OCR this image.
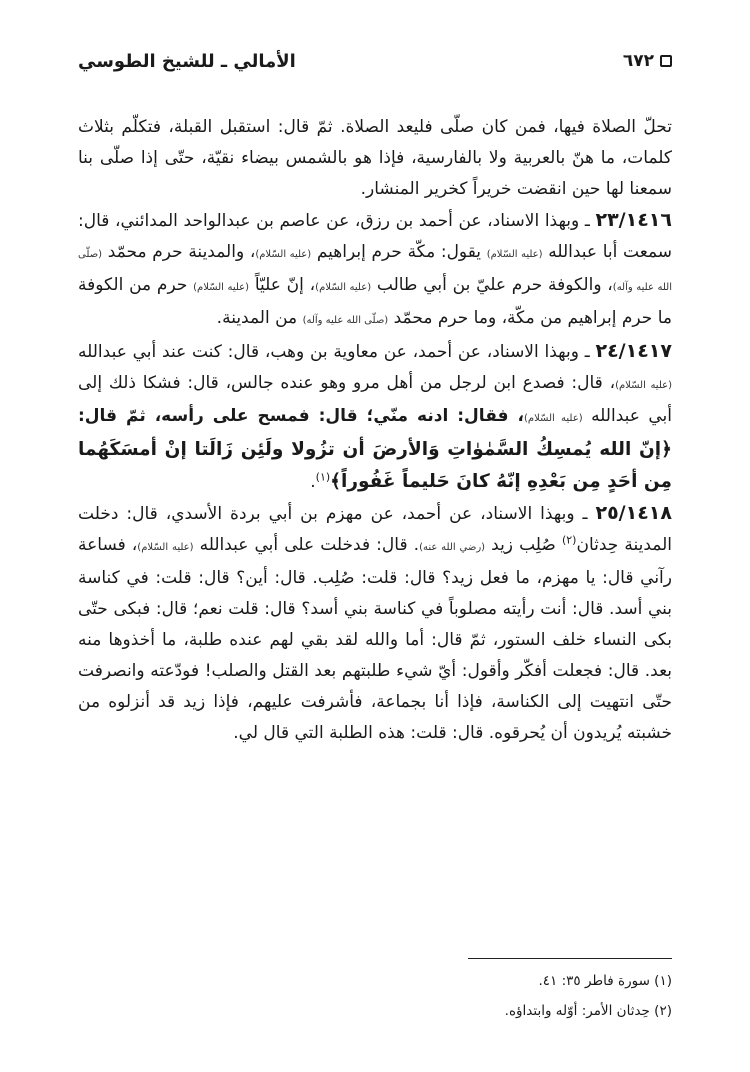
٦٧٢
الأمالي ـ للشيخ الطوسي

تحلّ الصلاة فيها، فمن كان صلّى فليعد الصلاة. ثمّ قال: استقبل القبلة، فتكلّم بثلاث كلمات، ما هنّ بالعربية ولا بالفارسية، فإذا هو بالشمس بيضاء نقيّة، حتّى إذا صلّى بنا سمعنا لها حين انقضت خريراً كخرير المنشار.

٢٣/١٤١٦ ـ وبهذا الاسناد، عن أحمد بن رزق، عن عاصم بن عبدالواحد المدائني، قال: سمعت أبا عبدالله (عليه السّلام) يقول: مكّة حرم إبراهيم (عليه السّلام)، والمدينة حرم محمّد (صلّى الله عليه وآله)، والكوفة حرم عليّ بن أبي طالب (عليه السّلام)، إنّ عليّاً (عليه السّلام) حرم من الكوفة ما حرم إبراهيم من مكّة، وما حرم محمّد (صلّى الله عليه وآله) من المدينة.

٢٤/١٤١٧ ـ وبهذا الاسناد، عن أحمد، عن معاوية بن وهب، قال: كنت عند أبي عبدالله (عليه السّلام)، قال: فصدع ابن لرجل من أهل مرو وهو عنده جالس، قال: فشكا ذلك إلى أبي عبدالله (عليه السّلام)، فقال: ادنه منّي؛ قال: فمسح على رأسه، ثمّ قال: ﴿إنّ الله يُمسِكُ السَّمٰوٰاتِ وَالأرضَ أن تزُولا ولَئِن زَالَتا إنْ أمسَكَهُما مِن أحَدٍ مِن بَعْدِهِ إنّهُ كانَ حَليماً غَفُوراً﴾$^{(١)}$.

٢٥/١٤١٨ ـ وبهذا الاسناد، عن أحمد، عن مهزم بن أبي بردة الأسدي، قال: دخلت المدينة حِدثان$^{(٢)}$ صُلِب زيد (رضي الله عنه). قال: فدخلت على أبي عبدالله (عليه السّلام)، فساعة رآني قال: يا مهزم، ما فعل زيد؟ قال: قلت: صُلِب. قال: أين؟ قال: قلت: في كناسة بني أسد. قال: أنت رأيته مصلوباً في كناسة بني أسد؟ قال: قلت نعم؛ قال: فبكى حتّى بكى النساء خلف الستور، ثمّ قال: أما والله لقد بقي لهم عنده طلبة، ما أخذوها منه بعد. قال: فجعلت أفكّر وأقول: أيّ شيء طلبتهم بعد القتل والصلب! فودّعته وانصرفت حتّى انتهيت إلى الكناسة، فإذا أنا بجماعة، فأشرفت عليهم، فإذا زيد قد أنزلوه من خشبته يُريدون أن يُحرقوه. قال: قلت: هذه الطلبة التي قال لي.

(١) سورة فاطر ٣٥: ٤١.
(٢) حِدثان الأمر: أوّله وابتداؤه.
